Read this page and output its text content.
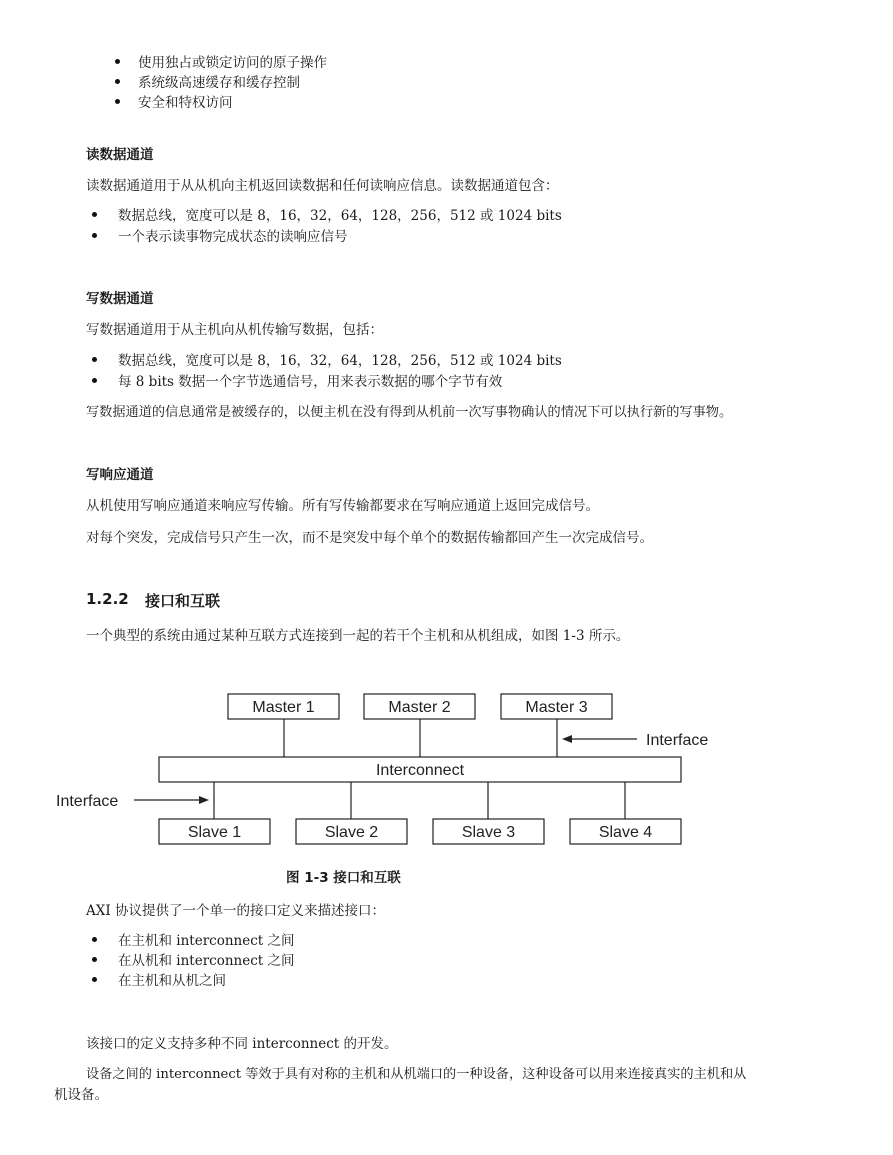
使用独占或锁定访问的原子操作
系统级高速缓存和缓存控制
安全和特权访问
读数据通道
读数据通道用于从从机向主机返回读数据和任何读响应信息。读数据通道包含：
数据总线，宽度可以是 8，16，32，64，128，256，512 或 1024 bits
一个表示读事物完成状态的读响应信号
写数据通道
写数据通道用于从主机向从机传输写数据，包括：
数据总线，宽度可以是 8，16，32，64，128，256，512 或 1024 bits
每 8 bits 数据一个字节选通信号，用来表示数据的哪个字节有效
写数据通道的信息通常是被缓存的，以便主机在没有得到从机前一次写事物确认的情况下可以执行新的写事物。
写响应通道
从机使用写响应通道来响应写传输。所有写传输都要求在写响应通道上返回完成信号。
对每个突发，完成信号只产生一次，而不是突发中每个单个的数据传输都回产生一次完成信号。
1.2.2 接口和互联
一个典型的系统由通过某种互联方式连接到一起的若干个主机和从机组成，如图 1-3 所示。
Master 1	Master 2	Master 3
Interface
Interconnect
Interface
Slave 1	Slave 2	Slave 3	Slave 4
图 1-3 接口和互联
AXI 协议提供了一个单一的接口定义来描述接口：
在主机和 interconnect 之间
在从机和 interconnect 之间
在主机和从机之间
该接口的定义支持多种不同 interconnect 的开发。
设备之间的 interconnect 等效于具有对称的主机和从机端口的一种设备，这种设备可以用来连接真实的主机和从
机设备。
